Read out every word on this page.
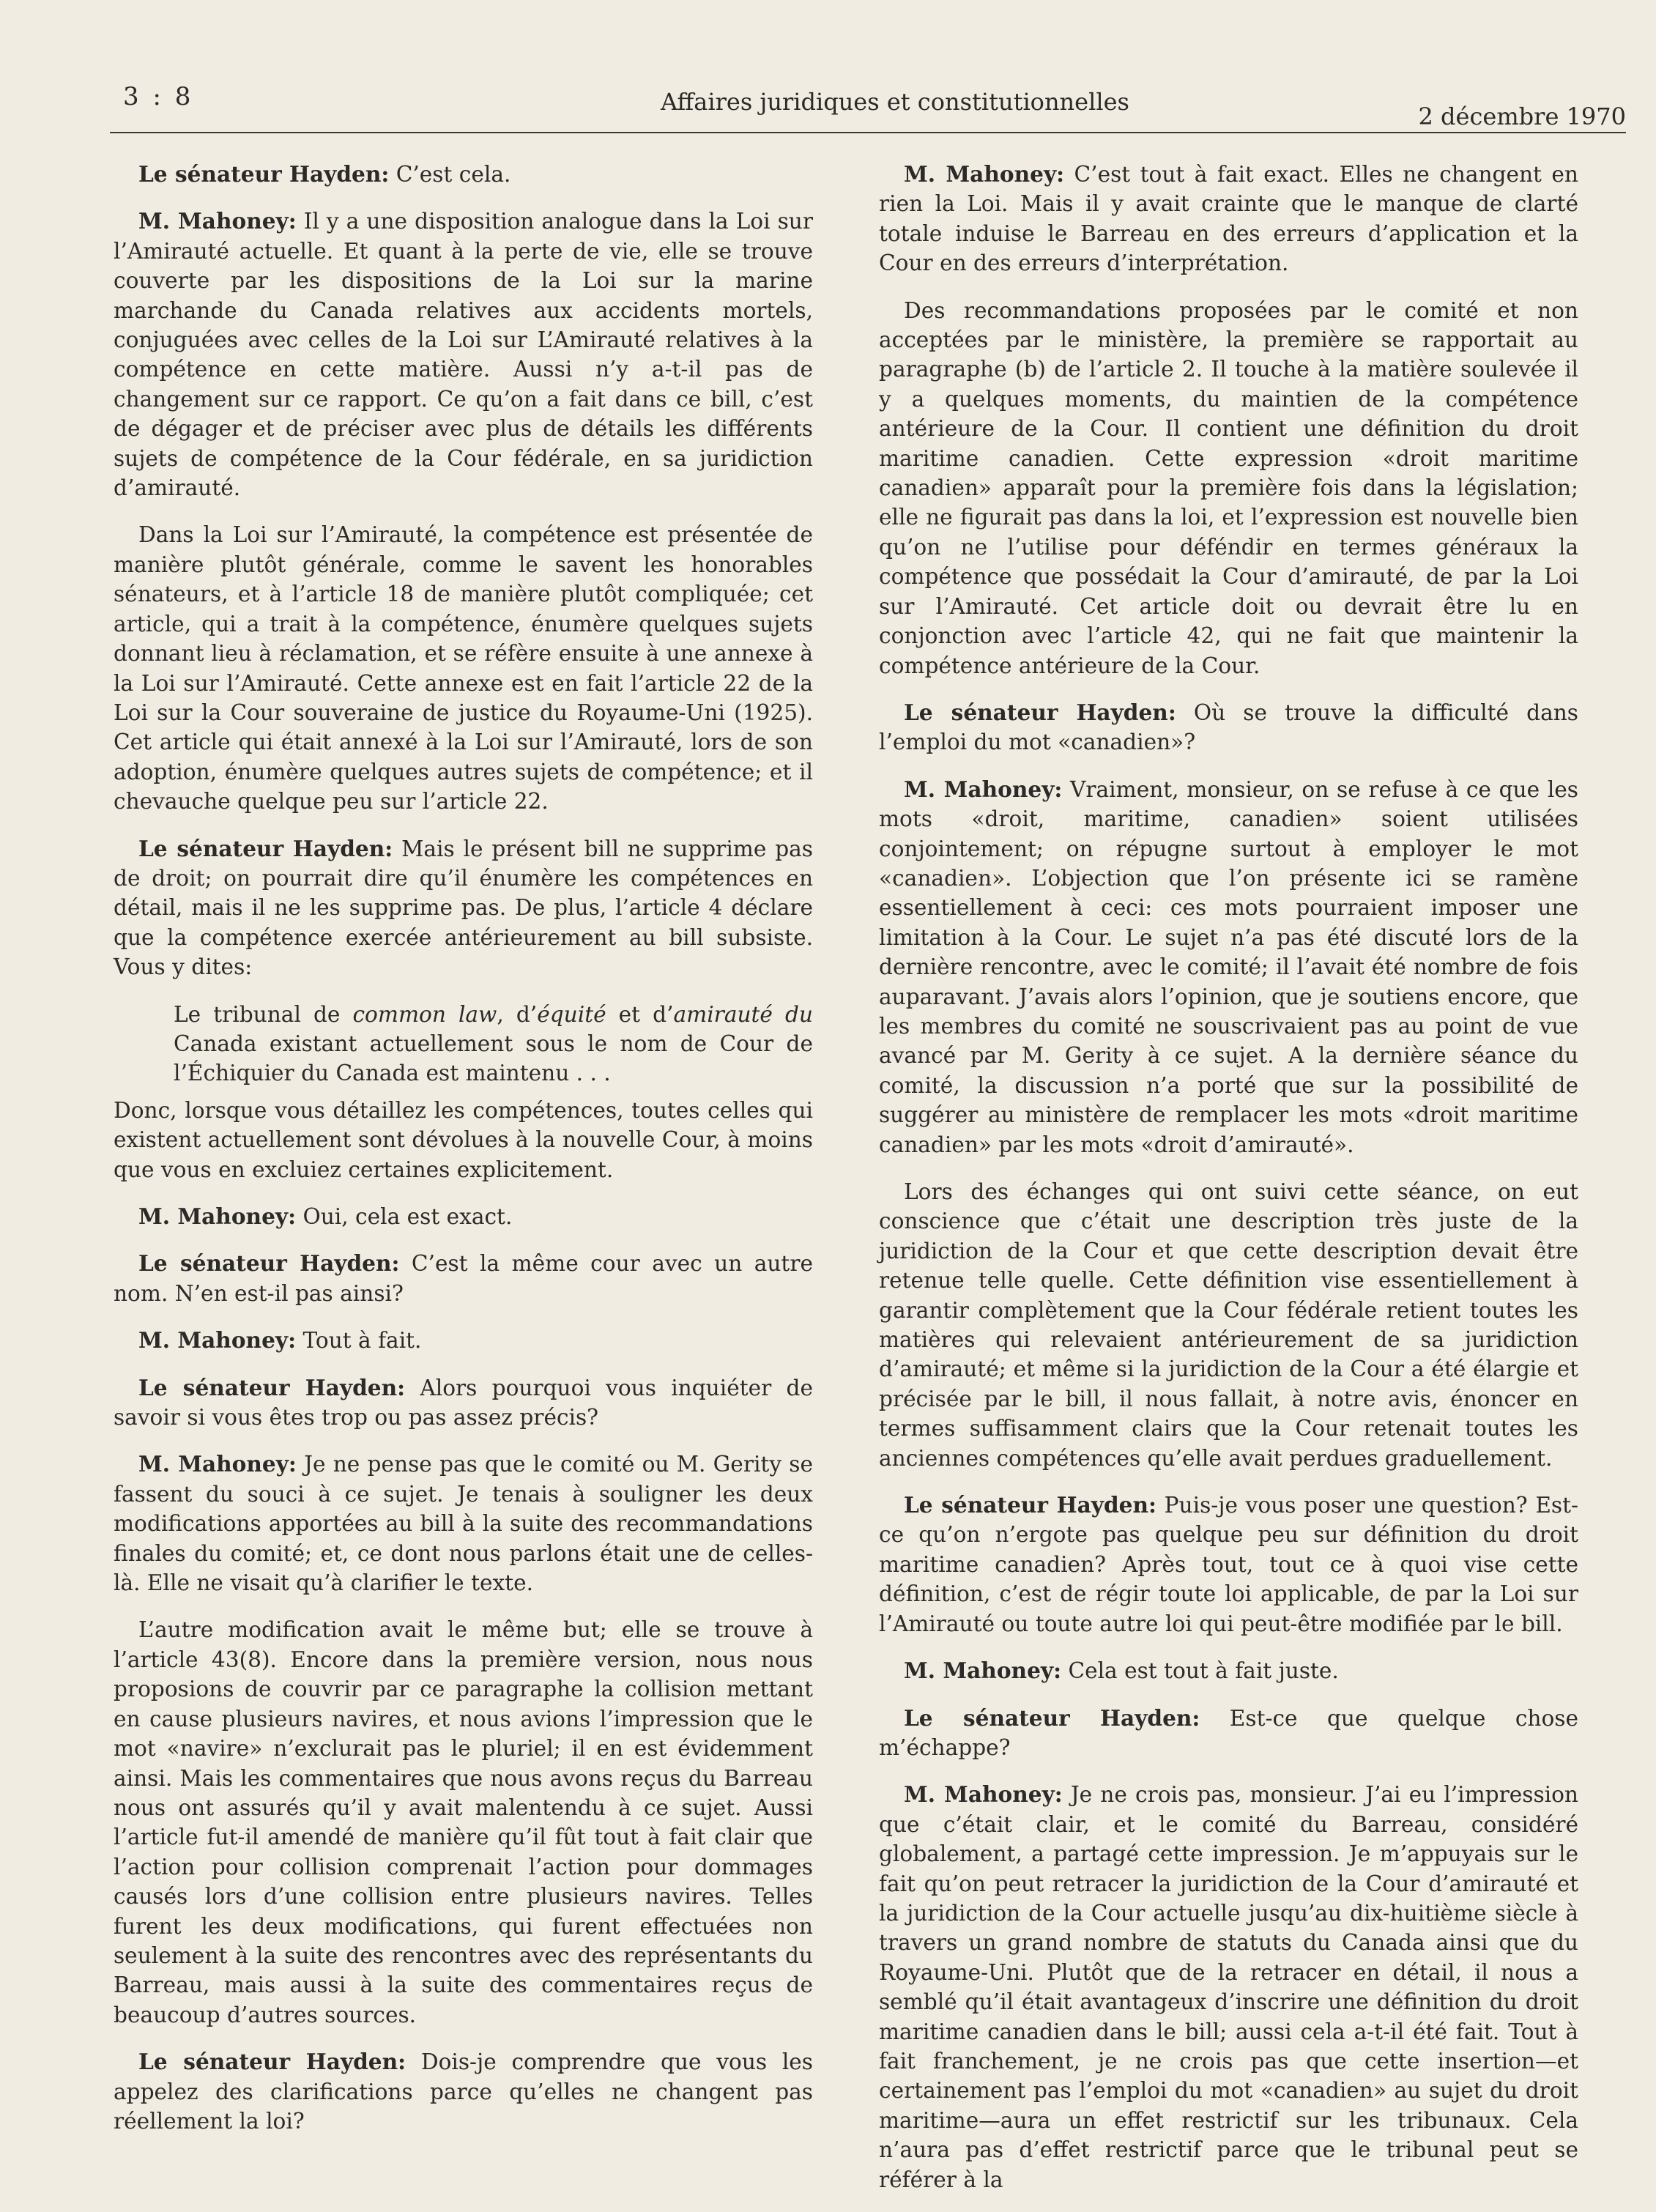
3 : 8	Affaires juridiques et constitutionnelles
2 décembre 1970

Le sénateur Hayden: C’est cela.

M. Mahoney: Il y a une disposition analogue dans la Loi sur l’Amirauté actuelle. Et quant à la perte de vie, elle se trouve couverte par les dispositions de la Loi sur la marine marchande du Canada relatives aux accidents mortels, conjuguées avec celles de la Loi sur L’Amirauté relatives à la compétence en cette matière. Aussi n’y a-t-il pas de changement sur ce rapport. Ce qu’on a fait dans ce bill, c’est de dégager et de préciser avec plus de détails les différents sujets de compétence de la Cour fédérale, en sa juridiction d’amirauté.

Dans la Loi sur l’Amirauté, la compétence est présentée de manière plutôt générale, comme le savent les honorables sénateurs, et à l’article 18 de manière plutôt compliquée; cet article, qui a trait à la compétence, énumère quelques sujets donnant lieu à réclamation, et se réfère ensuite à une annexe à la Loi sur l’Amirauté. Cette annexe est en fait l’article 22 de la Loi sur la Cour souveraine de justice du Royaume-Uni (1925). Cet article qui était annexé à la Loi sur l’Amirauté, lors de son adoption, énumère quelques autres sujets de compétence; et il chevauche quelque peu sur l’article 22.

Le sénateur Hayden: Mais le présent bill ne supprime pas de droit; on pourrait dire qu’il énumère les compétences en détail, mais il ne les supprime pas. De plus, l’article 4 déclare que la compétence exercée antérieurement au bill subsiste. Vous y dites:

Le tribunal de common law, d’équité et d’amirauté du Canada existant actuellement sous le nom de Cour de l’Échiquier du Canada est maintenu . . .

Donc, lorsque vous détaillez les compétences, toutes celles qui existent actuellement sont dévolues à la nouvelle Cour, à moins que vous en excluiez certaines explicitement.

M. Mahoney: Oui, cela est exact.

Le sénateur Hayden: C’est la même cour avec un autre nom. N’en est-il pas ainsi?

M. Mahoney: Tout à fait.

Le sénateur Hayden: Alors pourquoi vous inquiéter de savoir si vous êtes trop ou pas assez précis?

M. Mahoney: Je ne pense pas que le comité ou M. Gerity se fassent du souci à ce sujet. Je tenais à souligner les deux modifications apportées au bill à la suite des recommandations finales du comité; et, ce dont nous parlons était une de celles-là. Elle ne visait qu’à clarifier le texte.

L’autre modification avait le même but; elle se trouve à l’article 43(8). Encore dans la première version, nous nous proposions de couvrir par ce paragraphe la collision mettant en cause plusieurs navires, et nous avions l’impression que le mot «navire» n’exclurait pas le pluriel; il en est évidemment ainsi. Mais les commentaires que nous avons reçus du Barreau nous ont assurés qu’il y avait malentendu à ce sujet. Aussi l’article fut-il amendé de manière qu’il fût tout à fait clair que l’action pour collision comprenait l’action pour dommages causés lors d’une collision entre plusieurs navires. Telles furent les deux modifications, qui furent effectuées non seulement à la suite des rencontres avec des représentants du Barreau, mais aussi à la suite des commentaires reçus de beaucoup d’autres sources.

Le sénateur Hayden: Dois-je comprendre que vous les appelez des clarifications parce qu’elles ne changent pas réellement la loi?

M. Mahoney: C’est tout à fait exact. Elles ne changent en rien la Loi. Mais il y avait crainte que le manque de clarté totale induise le Barreau en des erreurs d’application et la Cour en des erreurs d’interprétation.

Des recommandations proposées par le comité et non acceptées par le ministère, la première se rapportait au paragraphe (b) de l’article 2. Il touche à la matière soulevée il y a quelques moments, du maintien de la compétence antérieure de la Cour. Il contient une définition du droit maritime canadien. Cette expression «droit maritime canadien» apparaît pour la première fois dans la législation; elle ne figurait pas dans la loi, et l’expression est nouvelle bien qu’on ne l’utilise pour déféndir en termes généraux la compétence que possédait la Cour d’amirauté, de par la Loi sur l’Amirauté. Cet article doit ou devrait être lu en conjonction avec l’article 42, qui ne fait que maintenir la compétence antérieure de la Cour.

Le sénateur Hayden: Où se trouve la difficulté dans l’emploi du mot «canadien»?

M. Mahoney: Vraiment, monsieur, on se refuse à ce que les mots «droit, maritime, canadien» soient utilisées conjointement; on répugne surtout à employer le mot «canadien». L’objection que l’on présente ici se ramène essentiellement à ceci: ces mots pourraient imposer une limitation à la Cour. Le sujet n’a pas été discuté lors de la dernière rencontre, avec le comité; il l’avait été nombre de fois auparavant. J’avais alors l’opinion, que je soutiens encore, que les membres du comité ne souscrivaient pas au point de vue avancé par M. Gerity à ce sujet. A la dernière séance du comité, la discussion n’a porté que sur la possibilité de suggérer au ministère de remplacer les mots «droit maritime canadien» par les mots «droit d’amirauté».

Lors des échanges qui ont suivi cette séance, on eut conscience que c’était une description très juste de la juridiction de la Cour et que cette description devait être retenue telle quelle. Cette définition vise essentiellement à garantir complètement que la Cour fédérale retient toutes les matières qui relevaient antérieurement de sa juridiction d’amirauté; et même si la juridiction de la Cour a été élargie et précisée par le bill, il nous fallait, à notre avis, énoncer en termes suffisamment clairs que la Cour retenait toutes les anciennes compétences qu’elle avait perdues graduellement.

Le sénateur Hayden: Puis-je vous poser une question? Est-ce qu’on n’ergote pas quelque peu sur définition du droit maritime canadien? Après tout, tout ce à quoi vise cette définition, c’est de régir toute loi applicable, de par la Loi sur l’Amirauté ou toute autre loi qui peut-être modifiée par le bill.

M. Mahoney: Cela est tout à fait juste.

Le sénateur Hayden: Est-ce que quelque chose m’échappe?

M. Mahoney: Je ne crois pas, monsieur. J’ai eu l’impression que c’était clair, et le comité du Barreau, considéré globalement, a partagé cette impression. Je m’appuyais sur le fait qu’on peut retracer la juridiction de la Cour d’amirauté et la juridiction de la Cour actuelle jusqu’au dix-huitième siècle à travers un grand nombre de statuts du Canada ainsi que du Royaume-Uni. Plutôt que de la retracer en détail, il nous a semblé qu’il était avantageux d’inscrire une définition du droit maritime canadien dans le bill; aussi cela a-t-il été fait. Tout à fait franchement, je ne crois pas que cette insertion—et certainement pas l’emploi du mot «canadien» au sujet du droit maritime—aura un effet restrictif sur les tribunaux. Cela n’aura pas d’effet restrictif parce que le tribunal peut se référer à la
